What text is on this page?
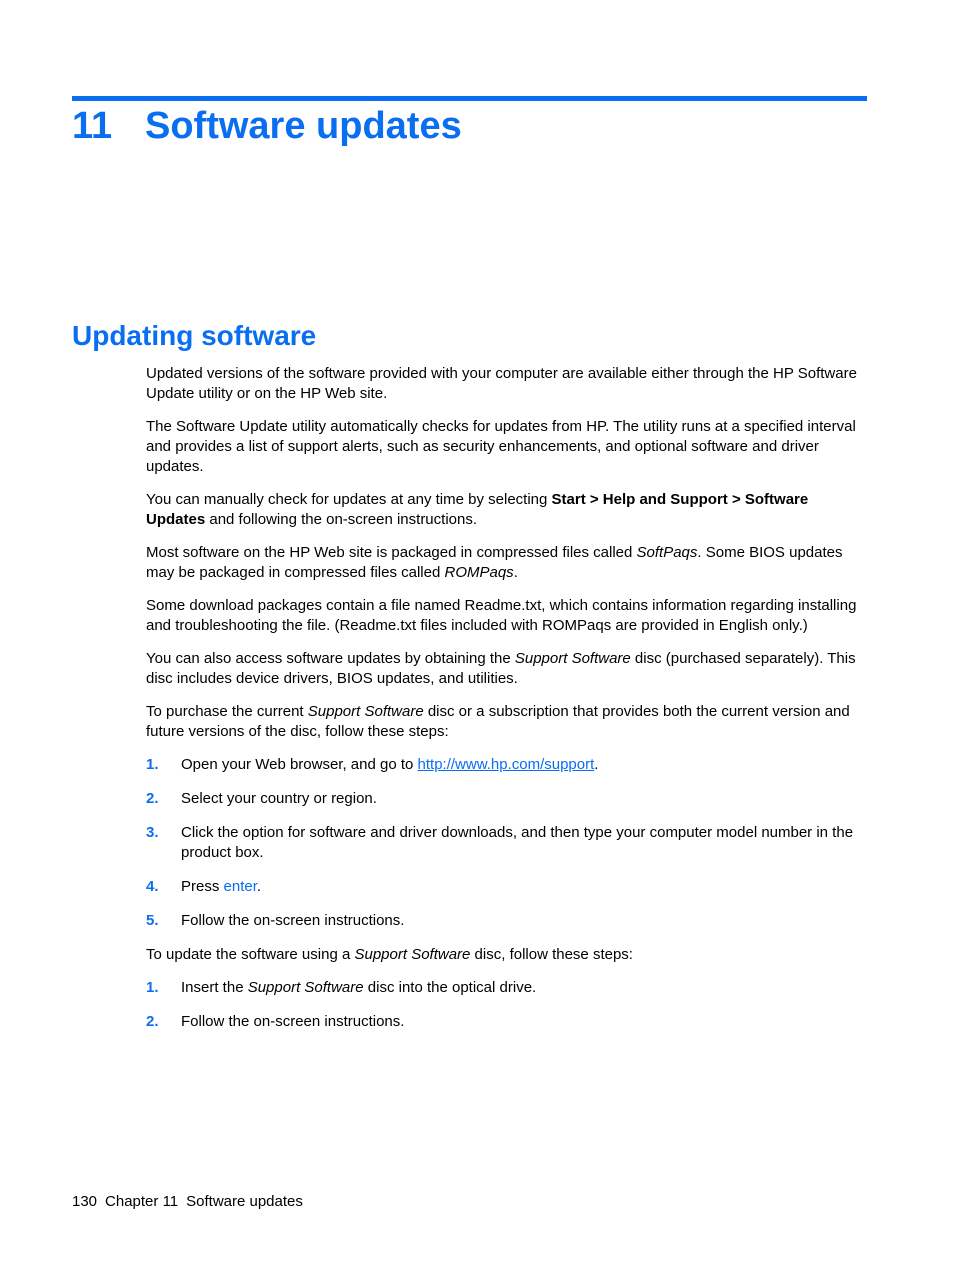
11 Software updates
Updating software

Updated versions of the software provided with your computer are available either through the HP Software Update utility or on the HP Web site.

The Software Update utility automatically checks for updates from HP. The utility runs at a specified interval and provides a list of support alerts, such as security enhancements, and optional software and driver updates.

You can manually check for updates at any time by selecting Start > Help and Support > Software Updates and following the on-screen instructions.

Most software on the HP Web site is packaged in compressed files called SoftPaqs. Some BIOS updates may be packaged in compressed files called ROMPaqs.

Some download packages contain a file named Readme.txt, which contains information regarding installing and troubleshooting the file. (Readme.txt files included with ROMPaqs are provided in English only.)

You can also access software updates by obtaining the Support Software disc (purchased separately). This disc includes device drivers, BIOS updates, and utilities.

To purchase the current Support Software disc or a subscription that provides both the current version and future versions of the disc, follow these steps:

1. Open your Web browser, and go to http://www.hp.com/support.
2. Select your country or region.
3. Click the option for software and driver downloads, and then type your computer model number in the product box.
4. Press enter.
5. Follow the on-screen instructions.

To update the software using a Support Software disc, follow these steps:

1. Insert the Support Software disc into the optical drive.
2. Follow the on-screen instructions.
130 Chapter 11 Software updates
